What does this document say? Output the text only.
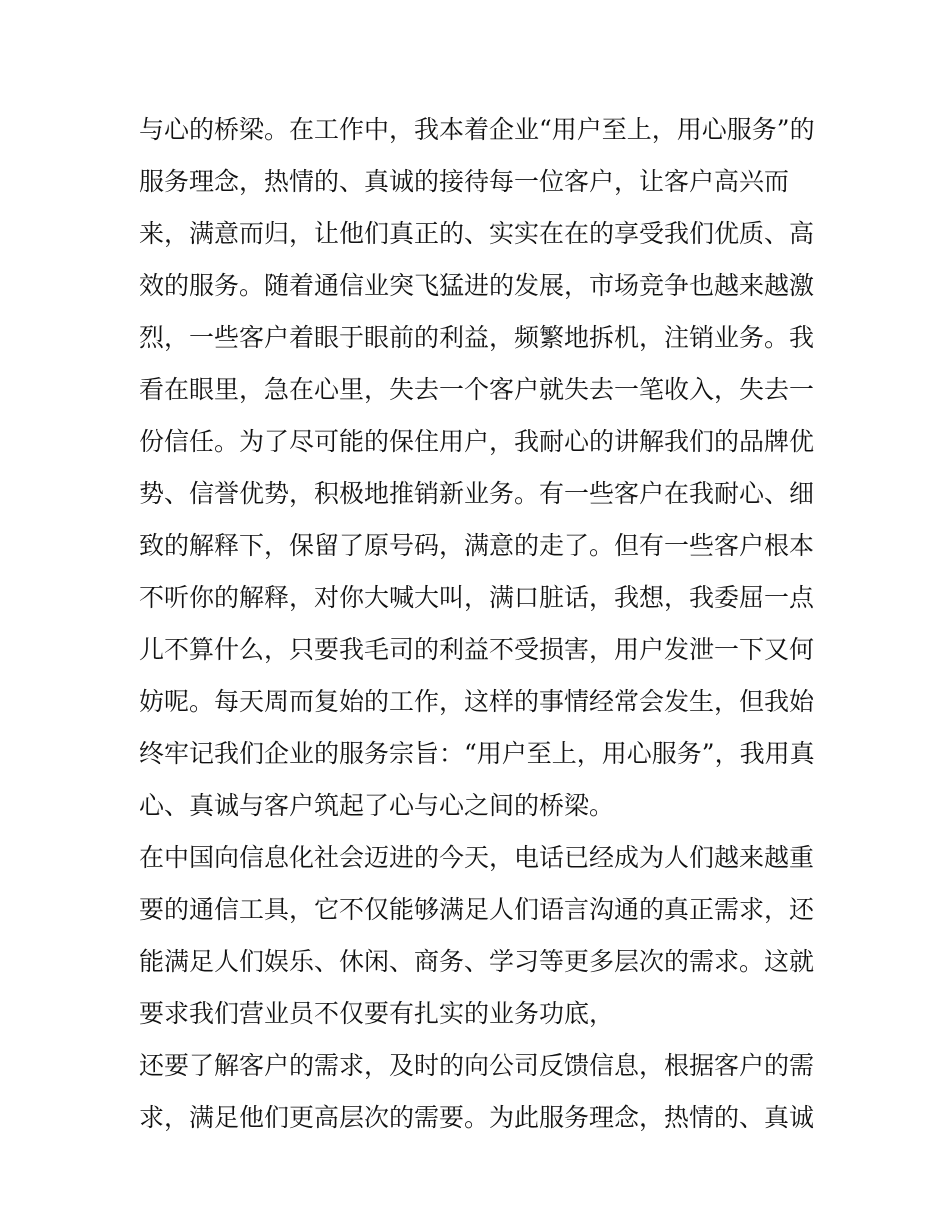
与心的桥梁。在工作中，我本着企业“用户至上，用心服务”的
服务理念，热情的、真诚的接待每一位客户，让客户高兴而
来，满意而归，让他们真正的、实实在在的享受我们优质、高
效的服务。随着通信业突飞猛进的发展，市场竞争也越来越激
烈，一些客户着眼于眼前的利益，频繁地拆机，注销业务。我
看在眼里，急在心里，失去一个客户就失去一笔收入，失去一
份信任。为了尽可能的保住用户，我耐心的讲解我们的品牌优
势、信誉优势，积极地推销新业务。有一些客户在我耐心、细
致的解释下，保留了原号码，满意的走了。但有一些客户根本
不听你的解释，对你大喊大叫，满口脏话，我想，我委屈一点
儿不算什么，只要我毛司的利益不受损害，用户发泄一下又何
妨呢。每天周而复始的工作，这样的事情经常会发生，但我始
终牢记我们企业的服务宗旨：“用户至上，用心服务”，我用真
心、真诚与客户筑起了心与心之间的桥梁。
在中国向信息化社会迈进的今天，电话已经成为人们越来越重
要的通信工具，它不仅能够满足人们语言沟通的真正需求，还
能满足人们娱乐、休闲、商务、学习等更多层次的需求。这就
要求我们营业员不仅要有扎实的业务功底，
还要了解客户的需求，及时的向公司反馈信息，根据客户的需
求，满足他们更高层次的需要。为此服务理念，热情的、真诚
